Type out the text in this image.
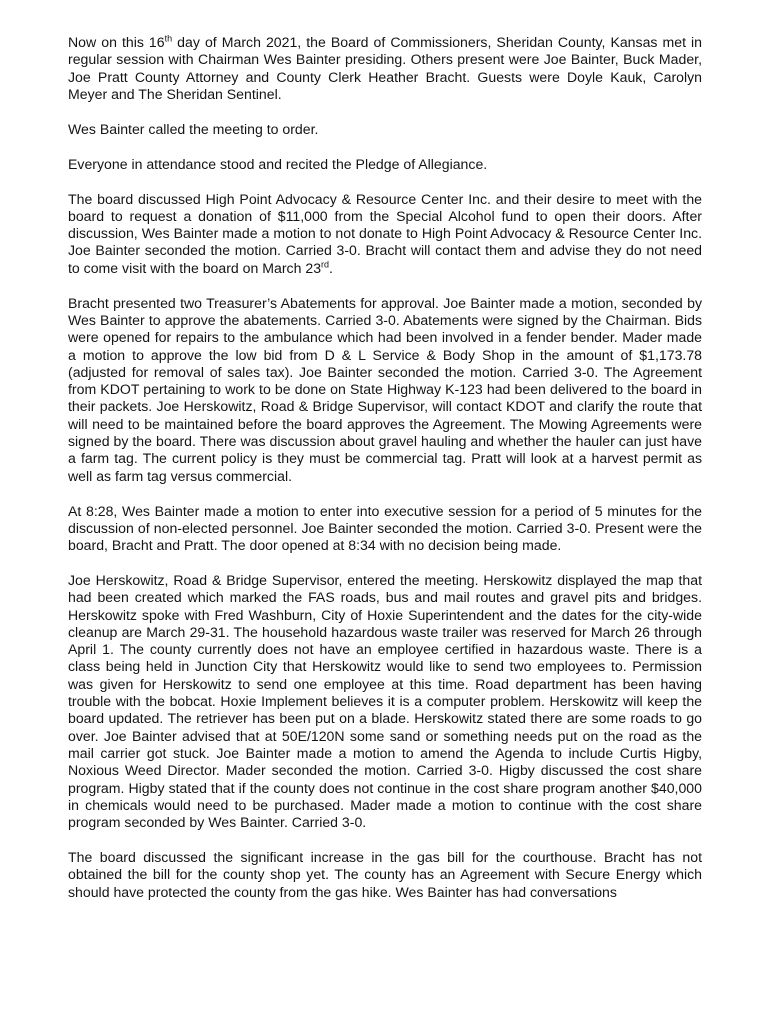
Now on this 16th day of March 2021, the Board of Commissioners, Sheridan County, Kansas met in regular session with Chairman Wes Bainter presiding. Others present were Joe Bainter, Buck Mader, Joe Pratt County Attorney and County Clerk Heather Bracht. Guests were Doyle Kauk, Carolyn Meyer and The Sheridan Sentinel.

Wes Bainter called the meeting to order.

Everyone in attendance stood and recited the Pledge of Allegiance.

The board discussed High Point Advocacy & Resource Center Inc. and their desire to meet with the board to request a donation of $11,000 from the Special Alcohol fund to open their doors. After discussion, Wes Bainter made a motion to not donate to High Point Advocacy & Resource Center Inc. Joe Bainter seconded the motion. Carried 3-0. Bracht will contact them and advise they do not need to come visit with the board on March 23rd.

Bracht presented two Treasurer’s Abatements for approval. Joe Bainter made a motion, seconded by Wes Bainter to approve the abatements. Carried 3-0. Abatements were signed by the Chairman. Bids were opened for repairs to the ambulance which had been involved in a fender bender. Mader made a motion to approve the low bid from D & L Service & Body Shop in the amount of $1,173.78 (adjusted for removal of sales tax). Joe Bainter seconded the motion. Carried 3-0. The Agreement from KDOT pertaining to work to be done on State Highway K-123 had been delivered to the board in their packets. Joe Herskowitz, Road & Bridge Supervisor, will contact KDOT and clarify the route that will need to be maintained before the board approves the Agreement. The Mowing Agreements were signed by the board. There was discussion about gravel hauling and whether the hauler can just have a farm tag. The current policy is they must be commercial tag. Pratt will look at a harvest permit as well as farm tag versus commercial.

At 8:28, Wes Bainter made a motion to enter into executive session for a period of 5 minutes for the discussion of non-elected personnel. Joe Bainter seconded the motion. Carried 3-0. Present were the board, Bracht and Pratt. The door opened at 8:34 with no decision being made.

Joe Herskowitz, Road & Bridge Supervisor, entered the meeting. Herskowitz displayed the map that had been created which marked the FAS roads, bus and mail routes and gravel pits and bridges. Herskowitz spoke with Fred Washburn, City of Hoxie Superintendent and the dates for the city-wide cleanup are March 29-31. The household hazardous waste trailer was reserved for March 26 through April 1. The county currently does not have an employee certified in hazardous waste. There is a class being held in Junction City that Herskowitz would like to send two employees to. Permission was given for Herskowitz to send one employee at this time. Road department has been having trouble with the bobcat. Hoxie Implement believes it is a computer problem. Herskowitz will keep the board updated. The retriever has been put on a blade. Herskowitz stated there are some roads to go over. Joe Bainter advised that at 50E/120N some sand or something needs put on the road as the mail carrier got stuck. Joe Bainter made a motion to amend the Agenda to include Curtis Higby, Noxious Weed Director. Mader seconded the motion. Carried 3-0. Higby discussed the cost share program. Higby stated that if the county does not continue in the cost share program another $40,000 in chemicals would need to be purchased. Mader made a motion to continue with the cost share program seconded by Wes Bainter. Carried 3-0.

The board discussed the significant increase in the gas bill for the courthouse. Bracht has not obtained the bill for the county shop yet. The county has an Agreement with Secure Energy which should have protected the county from the gas hike. Wes Bainter has had conversations
